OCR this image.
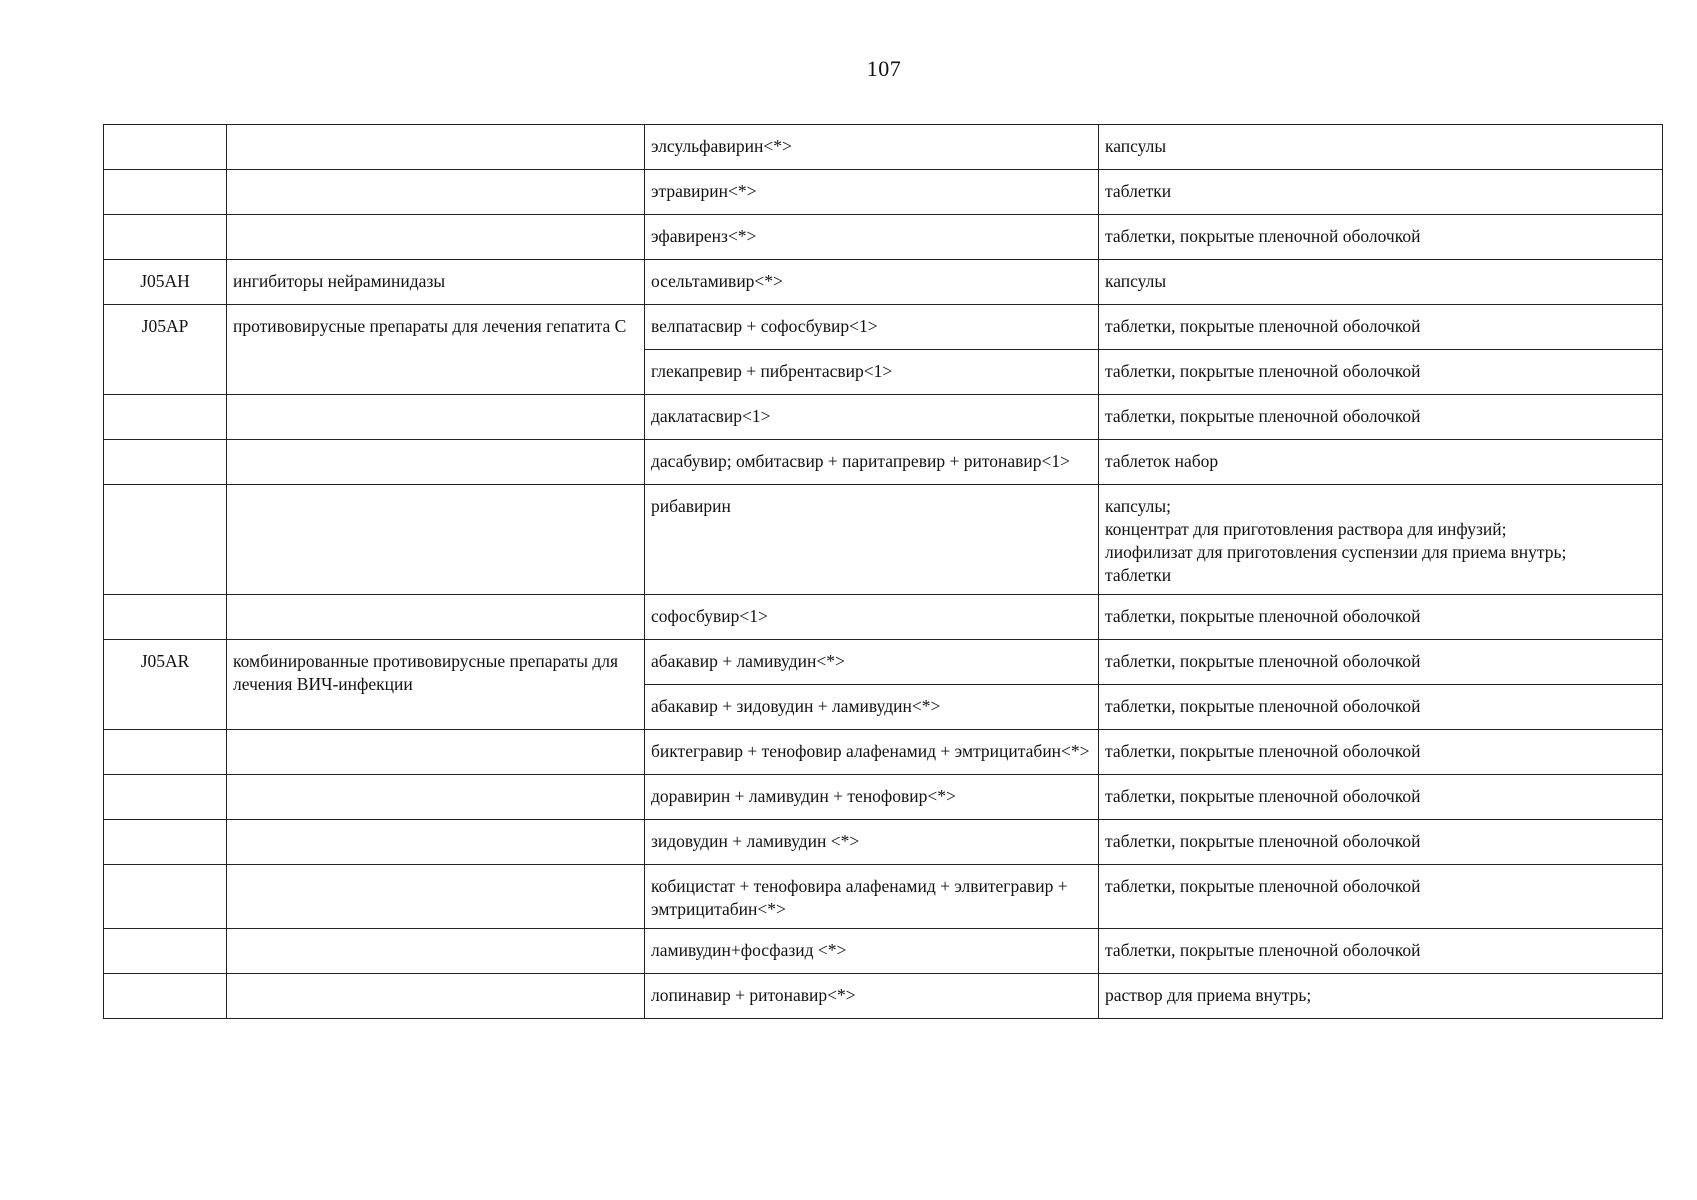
107
		элсульфавирин<*>	капсулы

		этравирин<*>	таблетки

		эфавиренз<*>	таблетки, покрытые пленочной оболочкой

J05AH	ингибиторы нейраминидазы	осельтамивир<*>	капсулы

J05AP	противовирусные препараты для лечения гепатита С	велпатасвир + софосбувир<1>	таблетки, покрытые пленочной оболочкой

		глекапревир + пибрентасвир<1>	таблетки, покрытые пленочной оболочкой

		даклатасвир<1>	таблетки, покрытые пленочной оболочкой

		дасабувир; омбитасвир + паритапревир + ритонавир<1>	таблеток набор

		рибавирин	капсулы;
концентрат для приготовления раствора для инфузий;
лиофилизат для приготовления суспензии для приема внутрь;
таблетки

		софосбувир<1>	таблетки, покрытые пленочной оболочкой

J05AR	комбинированные противовирусные препараты для лечения ВИЧ-инфекции	абакавир + ламивудин<*>	таблетки, покрытые пленочной оболочкой

		абакавир + зидовудин + ламивудин<*>	таблетки, покрытые пленочной оболочкой

		биктегравир + тенофовир алафенамид + эмтрицитабин<*>	таблетки, покрытые пленочной оболочкой

		доравирин + ламивудин + тенофовир<*>	таблетки, покрытые пленочной оболочкой

		зидовудин + ламивудин <*>	таблетки, покрытые пленочной оболочкой

		кобицистат + тенофовира алафенамид + элвитегравир + эмтрицитабин<*>	таблетки, покрытые пленочной оболочкой

		ламивудин+фосфазид <*>	таблетки, покрытые пленочной оболочкой

		лопинавир + ритонавир<*>	раствор для приема внутрь;
